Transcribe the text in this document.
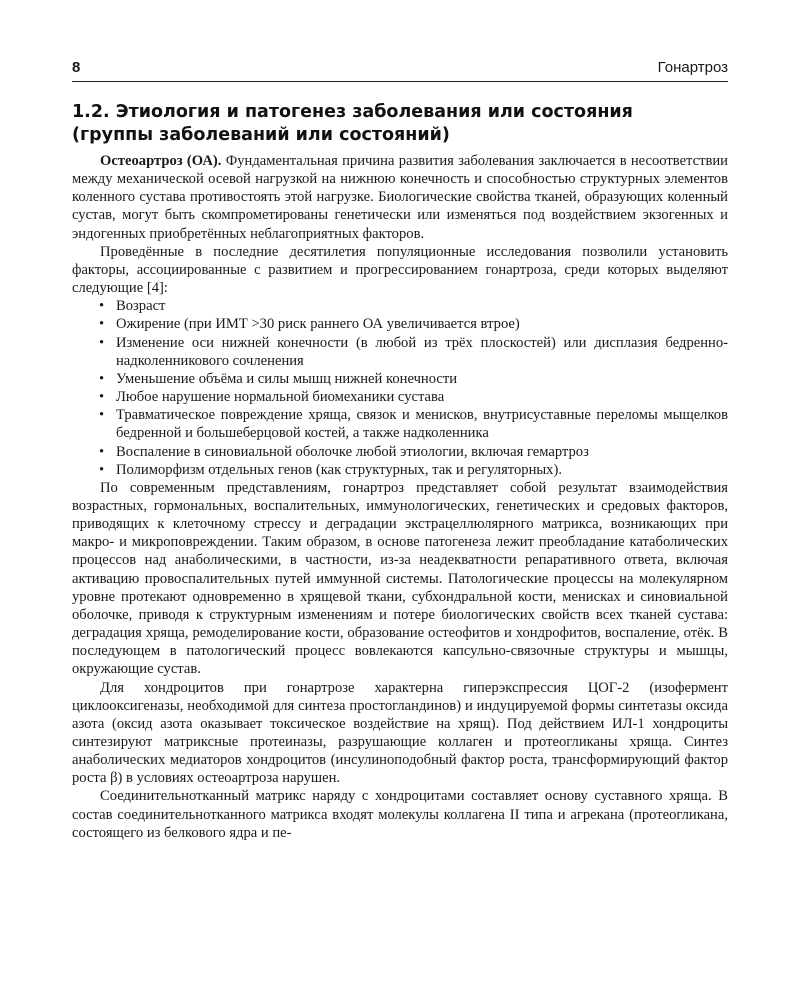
8	Гонартроз
1.2. Этиология и патогенез заболевания или состояния
(группы заболеваний или состояний)

Остеоартроз (ОА). Фундаментальная причина развития заболевания заключается в несоответствии между механической осевой нагрузкой на нижнюю конечность и способностью структурных элементов коленного сустава противостоять этой нагрузке. Биологические свойства тканей, образующих коленный сустав, могут быть скомпрометированы генетически или изменяться под воздействием экзогенных и эндогенных приобретённых неблагоприятных факторов.

Проведённые в последние десятилетия популяционные исследования позволили установить факторы, ассоциированные с развитием и прогрессированием гонартроза, среди которых выделяют следующие [4]:

• Возраст
• Ожирение (при ИМТ >30 риск раннего ОА увеличивается втрое)
• Изменение оси нижней конечности (в любой из трёх плоскостей) или дисплазия бедренно-надколенникового сочленения
• Уменьшение объёма и силы мышц нижней конечности
• Любое нарушение нормальной биомеханики сустава
• Травматическое повреждение хряща, связок и менисков, внутрисуставные переломы мыщелков бедренной и большеберцовой костей, а также надколенника
• Воспаление в синовиальной оболочке любой этиологии, включая гемартроз
• Полиморфизм отдельных генов (как структурных, так и регуляторных).

По современным представлениям, гонартроз представляет собой результат взаимодействия возрастных, гормональных, воспалительных, иммунологических, генетических и средовых факторов, приводящих к клеточному стрессу и деградации экстрацеллюлярного матрикса, возникающих при макро- и микроповреждении. Таким образом, в основе патогенеза лежит преобладание катаболических процессов над анаболическими, в частности, из-за неадекватности репаративного ответа, включая активацию провоспалительных путей иммунной системы. Патологические процессы на молекулярном уровне протекают одновременно в хрящевой ткани, субхондральной кости, менисках и синовиальной оболочке, приводя к структурным изменениям и потере биологических свойств всех тканей сустава: деградация хряща, ремоделирование кости, образование остеофитов и хондрофитов, воспаление, отёк. В последующем в патологический процесс вовлекаются капсульно-связочные структуры и мышцы, окружающие сустав.

Для хондроцитов при гонартрозе характерна гиперэкспрессия ЦОГ-2 (изофермент циклооксигеназы, необходимой для синтеза простогландинов) и индуцируемой формы синтетазы оксида азота (оксид азота оказывает токсическое воздействие на хрящ). Под действием ИЛ-1 хондроциты синтезируют матриксные протеиназы, разрушающие коллаген и протеогликаны хряща. Синтез анаболических медиаторов хондроцитов (инсулиноподобный фактор роста, трансформирующий фактор роста β) в условиях остеоартроза нарушен.

Соединительнотканный матрикс наряду с хондроцитами составляет основу суставного хряща. В состав соединительнотканного матрикса входят молекулы коллагена II типа и агрекана (протеогликана, состоящего из белкового ядра и пе-
